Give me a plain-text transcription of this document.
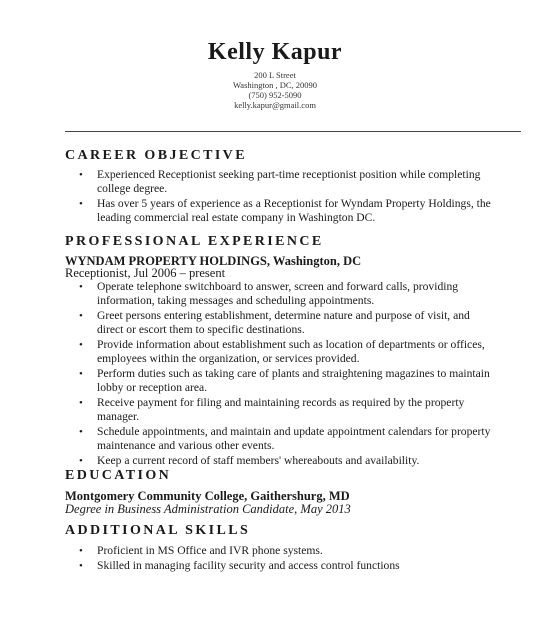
Kelly Kapur
200 L Street
Washington , DC, 20090
(750) 952-5090
kelly.kapur@gmail.com
CAREER OBJECTIVE
• Experienced Receptionist seeking part-time receptionist position while completing college degree.
• Has over 5 years of experience as a Receptionist for Wyndam Property Holdings, the leading commercial real estate company in Washington DC.
PROFESSIONAL EXPERIENCE
WYNDAM PROPERTY HOLDINGS, Washington, DC
Receptionist, Jul 2006 – present
• Operate telephone switchboard to answer, screen and forward calls, providing information, taking messages and scheduling appointments.
• Greet persons entering establishment, determine nature and purpose of visit, and direct or escort them to specific destinations.
• Provide information about establishment such as location of departments or offices, employees within the organization, or services provided.
• Perform duties such as taking care of plants and straightening magazines to maintain lobby or reception area.
• Receive payment for filing and maintaining records as required by the property manager.
• Schedule appointments, and maintain and update appointment calendars for property maintenance and various other events.
• Keep a current record of staff members' whereabouts and availability.
EDUCATION
Montgomery Community College, Gaithershurg, MD
Degree in Business Administration Candidate, May 2013
ADDITIONAL SKILLS
• Proficient in MS Office and IVR phone systems.
• Skilled in managing facility security and access control functions
